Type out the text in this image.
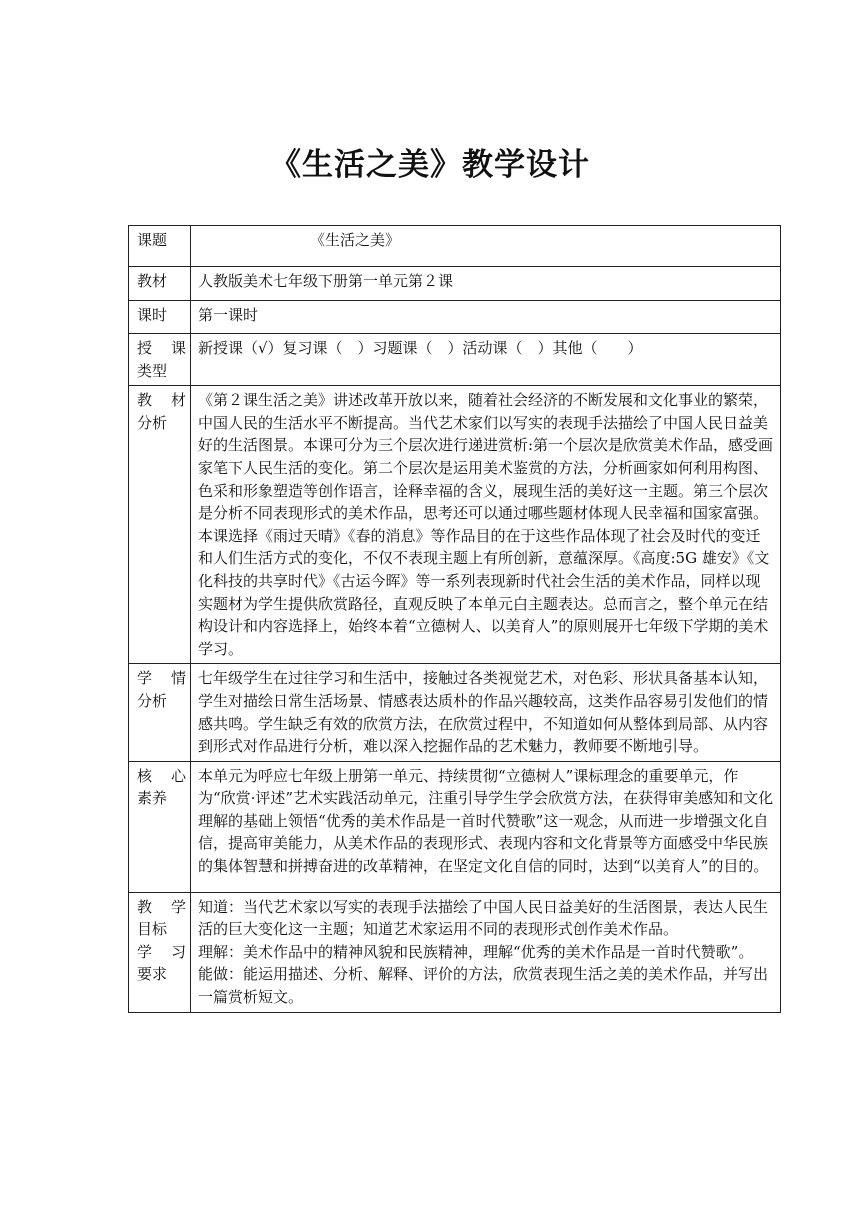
《生活之美》教学设计
课题	《生活之美》

教材	人教版美术七年级下册第一单元第２课

课时	第一课时

授 课
类型	新授课（√）复习课（　）习题课（　）活动课（　）其他（　　）

教 材
分析	《第２课生活之美》讲述改革开放以来，随着社会经济的不断发展和文化事业的繁荣，中国人民的生活水平不断提高。当代艺术家们以写实的表现手法描绘了中国人民日益美好的生活图景。本课可分为三个层次进行递进赏析:第一个层次是欣赏美术作品，感受画家笔下人民生活的变化。第二个层次是运用美术鉴赏的方法，分析画家如何利用构图、色采和形象塑造等创作语言，诠释幸福的含义，展现生活的美好这一主题。第三个层次是分析不同表现形式的美术作品，思考还可以通过哪些题材体现人民幸福和国家富强。本课选择《雨过天晴》《春的消息》等作品目的在于这些作品体现了社会及时代的变迁和人们生活方式的变化，不仅不表现主题上有所创新，意蕴深厚。《高度:5G 雄安》《文化科技的共享时代》《古运今晖》等一系列表现新时代社会生活的美术作品，同样以现实题材为学生提供欣赏路径，直观反映了本单元白主题表达。总而言之，整个单元在结构设计和内容选择上，始终本着“立德树人、以美育人”的原则展开七年级下学期的美术学习。

学 情
分析	七年级学生在过往学习和生活中，接触过各类视觉艺术，对色彩、形状具备基本认知，学生对描绘日常生活场景、情感表达质朴的作品兴趣较高，这类作品容易引发他们的情感共鸣。学生缺乏有效的欣赏方法，在欣赏过程中，不知道如何从整体到局部、从内容到形式对作品进行分析，难以深入挖掘作品的艺术魅力，教师要不断地引导。

核 心
素养	本单元为呼应七年级上册第一单元、持续贯彻“立德树人”课标理念的重要单元，作为“欣赏·评述”艺术实践活动单元，注重引导学生学会欣赏方法，在获得审美感知和文化理解的基础上领悟“优秀的美术作品是一首时代赞歌”这一观念，从而进一步增强文化自信，提高审美能力，从美术作品的表现形式、表现内容和文化背景等方面感受中华民族的集体智慧和拼搏奋进的改革精神，在坚定文化自信的同时，达到“以美育人”的目的。

教 学
目标
学 习
要求	知道：当代艺术家以写实的表现手法描绘了中国人民日益美好的生活图景，表达人民生活的巨大变化这一主题；知道艺术家运用不同的表现形式创作美术作品。
理解：美术作品中的精神风貌和民族精神，理解“优秀的美术作品是一首时代赞歌”。
能做：能运用描述、分析、解释、评价的方法，欣赏表现生活之美的美术作品，并写出一篇赏析短文。
